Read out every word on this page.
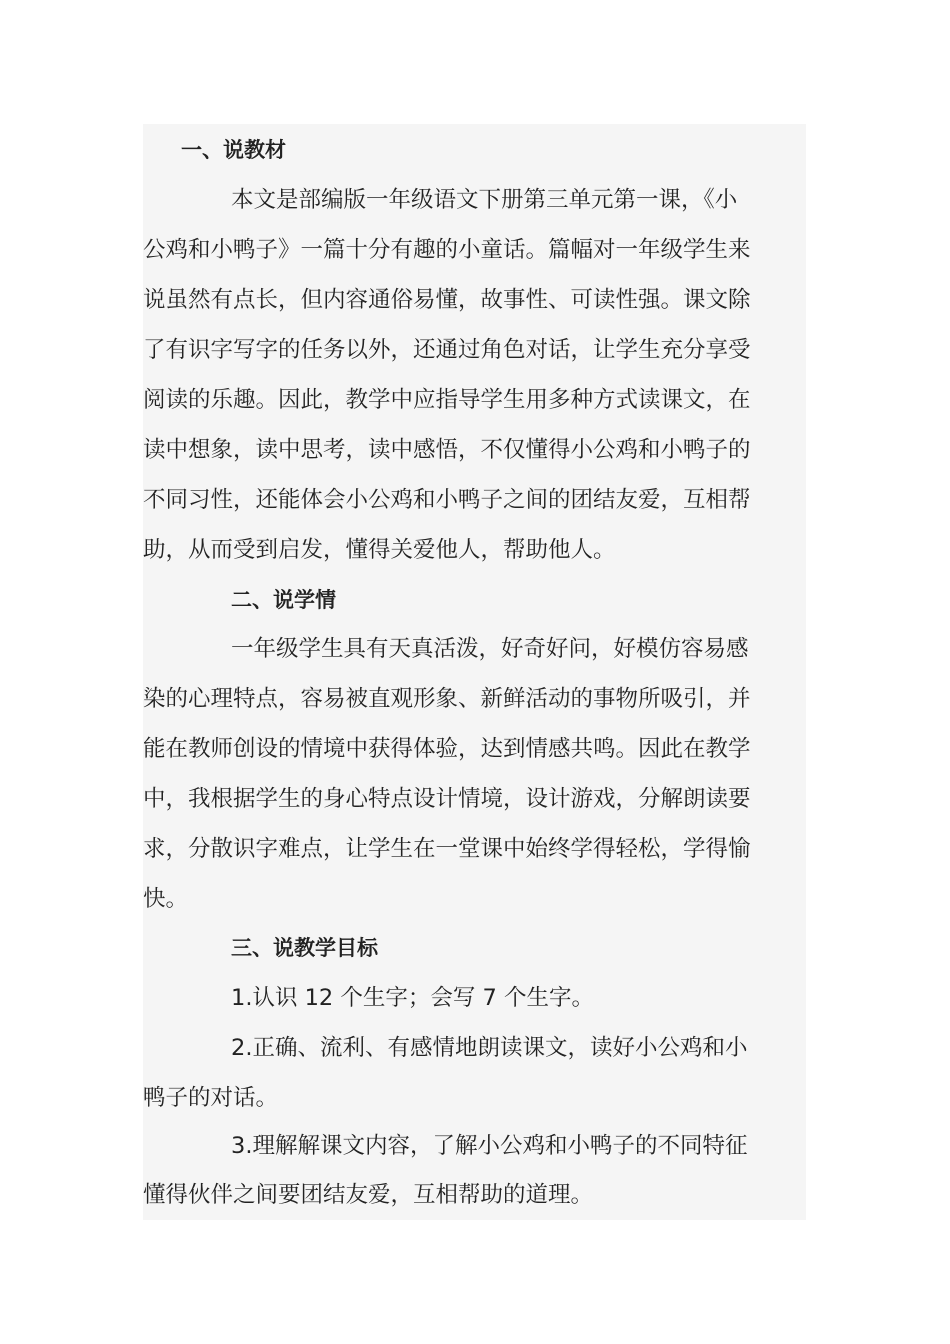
一、说教材
本文是部编版一年级语文下册第三单元第一课，《小
公鸡和小鸭子》一篇十分有趣的小童话。篇幅对一年级学生来
说虽然有点长，但内容通俗易懂，故事性、可读性强。课文除
了有识字写字的任务以外，还通过角色对话，让学生充分享受
阅读的乐趣。因此，教学中应指导学生用多种方式读课文，在
读中想象，读中思考，读中感悟，不仅懂得小公鸡和小鸭子的
不同习性，还能体会小公鸡和小鸭子之间的团结友爱，互相帮
助，从而受到启发，懂得关爱他人，帮助他人。
二、说学情
一年级学生具有天真活泼，好奇好问，好模仿容易感
染的心理特点，容易被直观形象、新鲜活动的事物所吸引，并
能在教师创设的情境中获得体验，达到情感共鸣。因此在教学
中，我根据学生的身心特点设计情境，设计游戏，分解朗读要
求，分散识字难点，让学生在一堂课中始终学得轻松，学得愉
快。
三、说教学目标
1.认识 12 个生字；会写 7 个生字。
2.正确、流利、有感情地朗读课文，读好小公鸡和小
鸭子的对话。
3.理解解课文内容，了解小公鸡和小鸭子的不同特征
懂得伙伴之间要团结友爱，互相帮助的道理。
